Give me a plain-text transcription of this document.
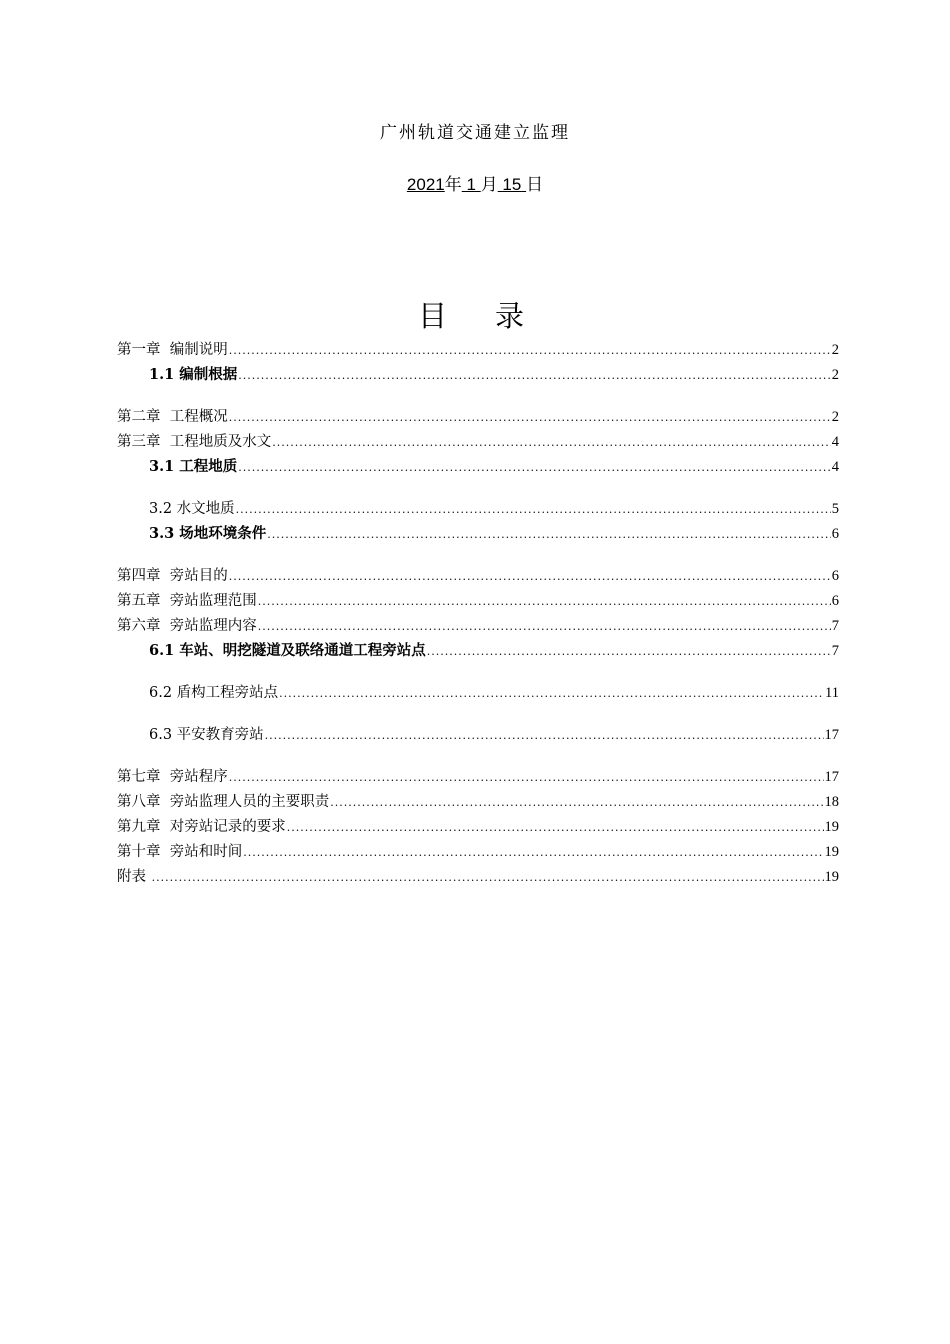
广州轨道交通建立监理
2021年 1 月 15 日
目录
第一章  编制说明 .....	2
1.1 编制根据 .....	2
第二章  工程概况 .....	2
第三章  工程地质及水文 .....	4
3.1 工程地质 .....	4
3.2 水文地质 .....	5
3.3 场地环境条件 .....	6
第四章  旁站目的 .....	6
第五章  旁站监理范围 .....	6
第六章  旁站监理内容 .....	7
6.1 车站、明挖隧道及联络通道工程旁站点 .....	7
6.2 盾构工程旁站点 .....	11
6.3 平安教育旁站 .....	17
第七章  旁站程序 .....	17
第八章  旁站监理人员的主要职责 .....	18
第九章  对旁站记录的要求 .....	19
第十章  旁站和时间 .....	19
附表 .....	19
